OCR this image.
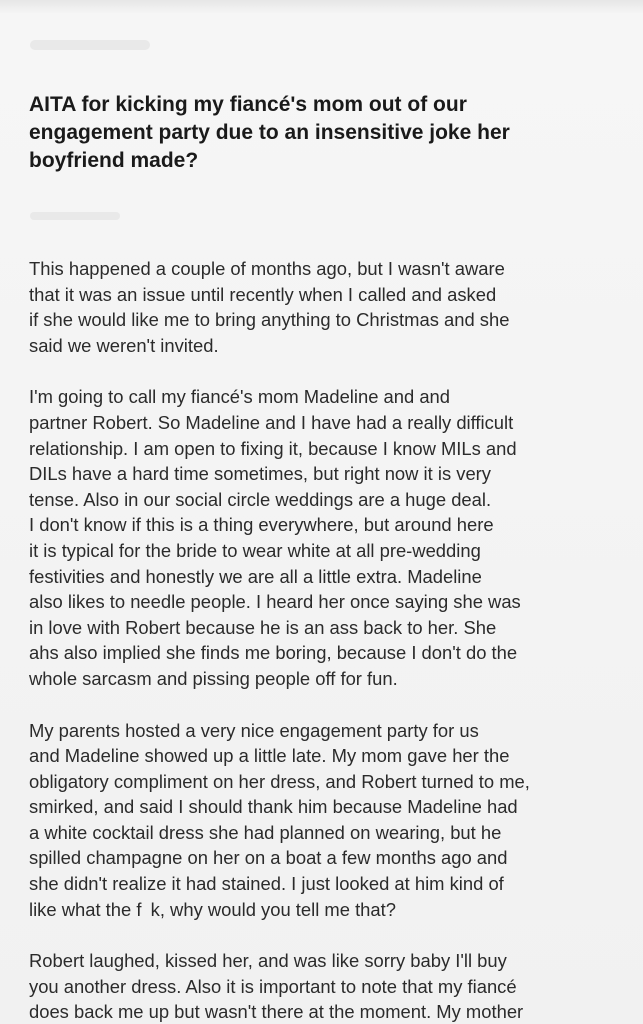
AITA for kicking my fiancé's mom out of our
engagement party due to an insensitive joke her
boyfriend made?

This happened a couple of months ago, but I wasn't aware
that it was an issue until recently when I called and asked
if she would like me to bring anything to Christmas and she
said we weren't invited.

I'm going to call my fiancé's mom Madeline and and
partner Robert. So Madeline and I have had a really difficult
relationship. I am open to fixing it, because I know MILs and
DILs have a hard time sometimes, but right now it is very
tense. Also in our social circle weddings are a huge deal.
I don't know if this is a thing everywhere, but around here
it is typical for the bride to wear white at all pre-wedding
festivities and honestly we are all a little extra. Madeline
also likes to needle people. I heard her once saying she was
in love with Robert because he is an ass back to her. She
ahs also implied she finds me boring, because I don't do the
whole sarcasm and pissing people off for fun.

My parents hosted a very nice engagement party for us
and Madeline showed up a little late. My mom gave her the
obligatory compliment on her dress, and Robert turned to me,
smirked, and said I should thank him because Madeline had
a white cocktail dress she had planned on wearing, but he
spilled champagne on her on a boat a few months ago and
she didn't realize it had stained. I just looked at him kind of
like what the f k, why would you tell me that?

Robert laughed, kissed her, and was like sorry baby I'll buy
you another dress. Also it is important to note that my fiancé
does back me up but wasn't there at the moment. My mother
